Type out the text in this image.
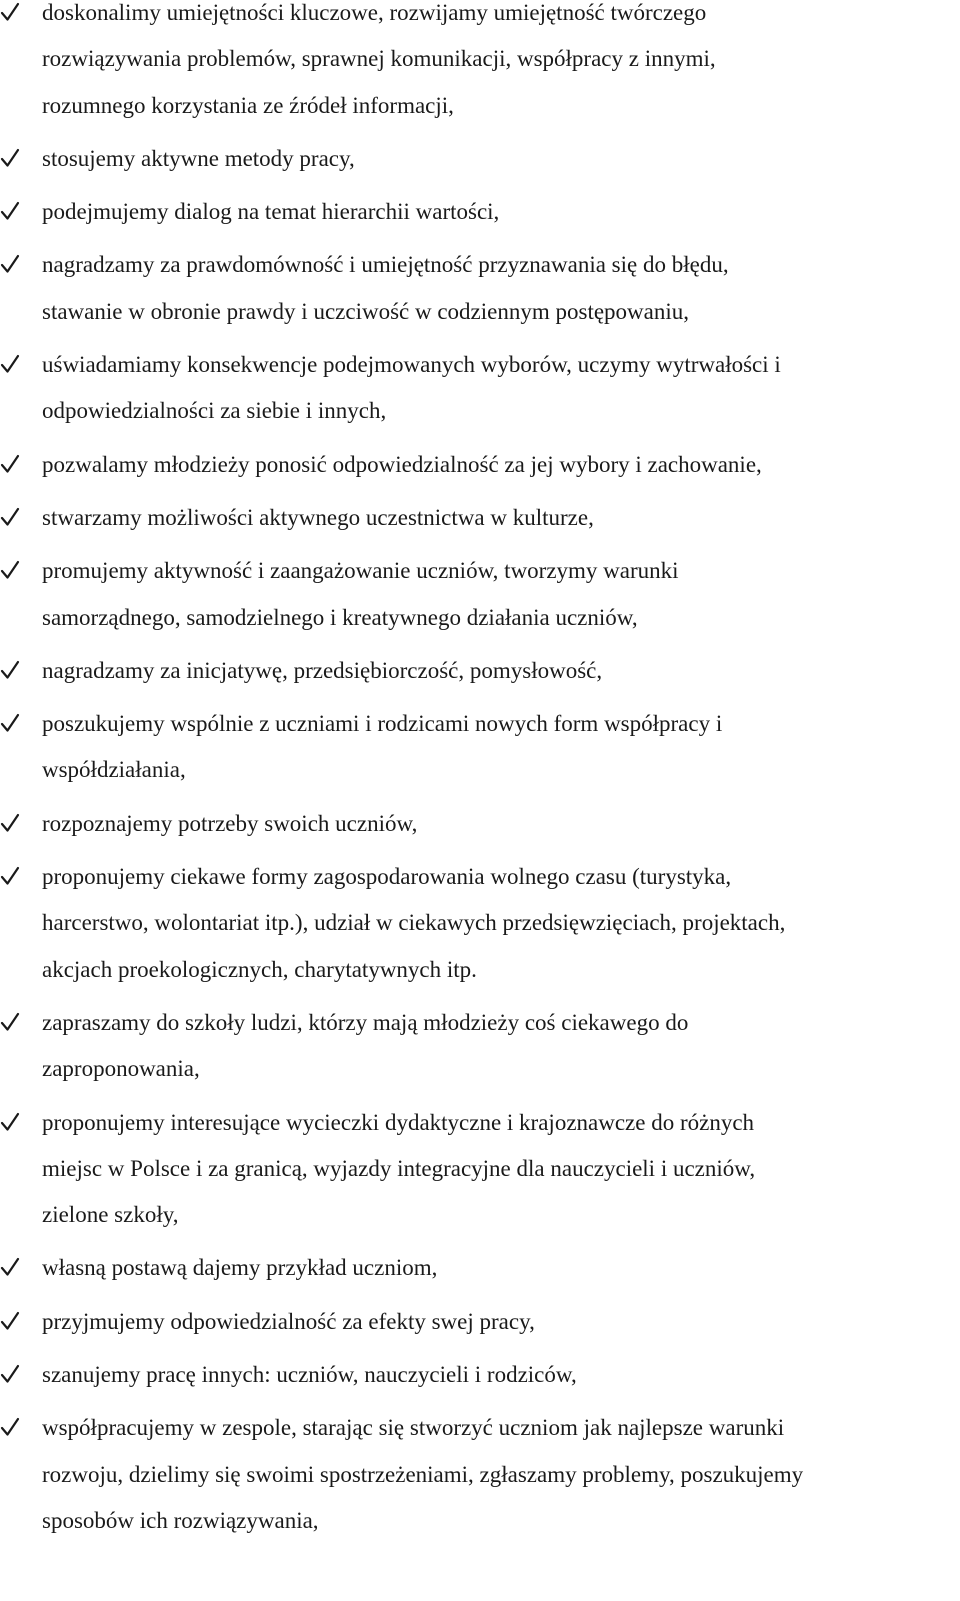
doskonalimy umiejętności kluczowe, rozwijamy umiejętność twórczego
rozwiązywania problemów, sprawnej komunikacji, współpracy z innymi,
rozumnego korzystania ze źródeł informacji,
stosujemy aktywne metody pracy,
podejmujemy dialog na temat hierarchii wartości,
nagradzamy za prawdomówność i umiejętność przyznawania się do błędu,
stawanie w obronie prawdy i uczciwość w codziennym postępowaniu,
uświadamiamy konsekwencje podejmowanych wyborów, uczymy wytrwałości i
odpowiedzialności za siebie i innych,
pozwalamy młodzieży ponosić odpowiedzialność za jej wybory i zachowanie,
stwarzamy możliwości aktywnego uczestnictwa w kulturze,
promujemy aktywność i zaangażowanie uczniów, tworzymy warunki
samorządnego, samodzielnego i kreatywnego działania uczniów,
nagradzamy za inicjatywę, przedsiębiorczość, pomysłowość,
poszukujemy wspólnie z uczniami i rodzicami nowych form współpracy i
współdziałania,
rozpoznajemy potrzeby swoich uczniów,
proponujemy ciekawe formy zagospodarowania wolnego czasu (turystyka,
harcerstwo, wolontariat itp.), udział w ciekawych przedsięwzięciach, projektach,
akcjach proekologicznych, charytatywnych itp.
zapraszamy do szkoły ludzi, którzy mają młodzieży coś ciekawego do
zaproponowania,
proponujemy interesujące wycieczki dydaktyczne i krajoznawcze do różnych
miejsc w Polsce i za granicą, wyjazdy integracyjne dla nauczycieli i uczniów,
zielone szkoły,
własną postawą dajemy przykład uczniom,
przyjmujemy odpowiedzialność za efekty swej pracy,
szanujemy pracę innych: uczniów, nauczycieli i rodziców,
współpracujemy w zespole, starając się stworzyć uczniom jak najlepsze warunki
rozwoju, dzielimy się swoimi spostrzeżeniami, zgłaszamy problemy, poszukujemy
sposobów ich rozwiązywania,
